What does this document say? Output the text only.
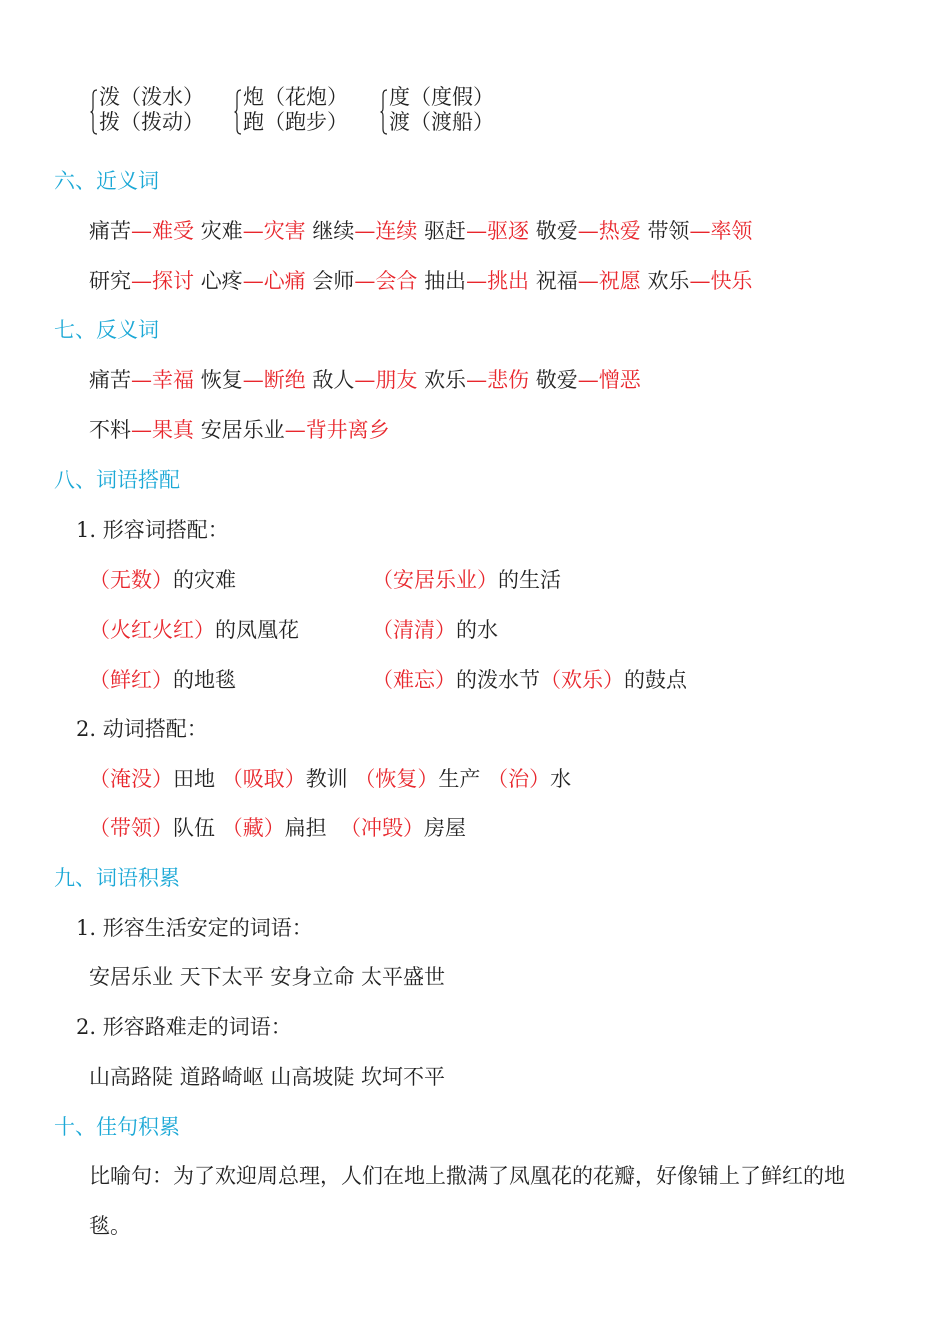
泼（泼水）
拨（拨动）
炮（花炮）
跑（跑步）
度（度假）
渡（渡船）
六、近义词
痛苦—难受 灾难—灾害 继续—连续 驱赶—驱逐 敬爱—热爱 带领—率领
研究—探讨 心疼—心痛 会师—会合 抽出—挑出 祝福—祝愿 欢乐—快乐
七、反义词
痛苦—幸福 恢复—断绝 敌人—朋友 欢乐—悲伤 敬爱—憎恶
不料—果真 安居乐业—背井离乡
八、词语搭配
1. 形容词搭配：
（无数）的灾难	（安居乐业）的生活
（火红火红）的凤凰花	（清清）的水
（鲜红）的地毯	（难忘）的泼水节（欢乐）的鼓点
2. 动词搭配：
（淹没）田地 （吸取）教训 （恢复）生产 （治）水
（带领）队伍 （藏）扁担 （冲毁）房屋
九、词语积累
1. 形容生活安定的词语：
安居乐业 天下太平 安身立命 太平盛世
2. 形容路难走的词语：
山高路陡 道路崎岖 山高坡陡 坎坷不平
十、佳句积累
比喻句：为了欢迎周总理，人们在地上撒满了凤凰花的花瓣，好像铺上了鲜红的地
毯。
